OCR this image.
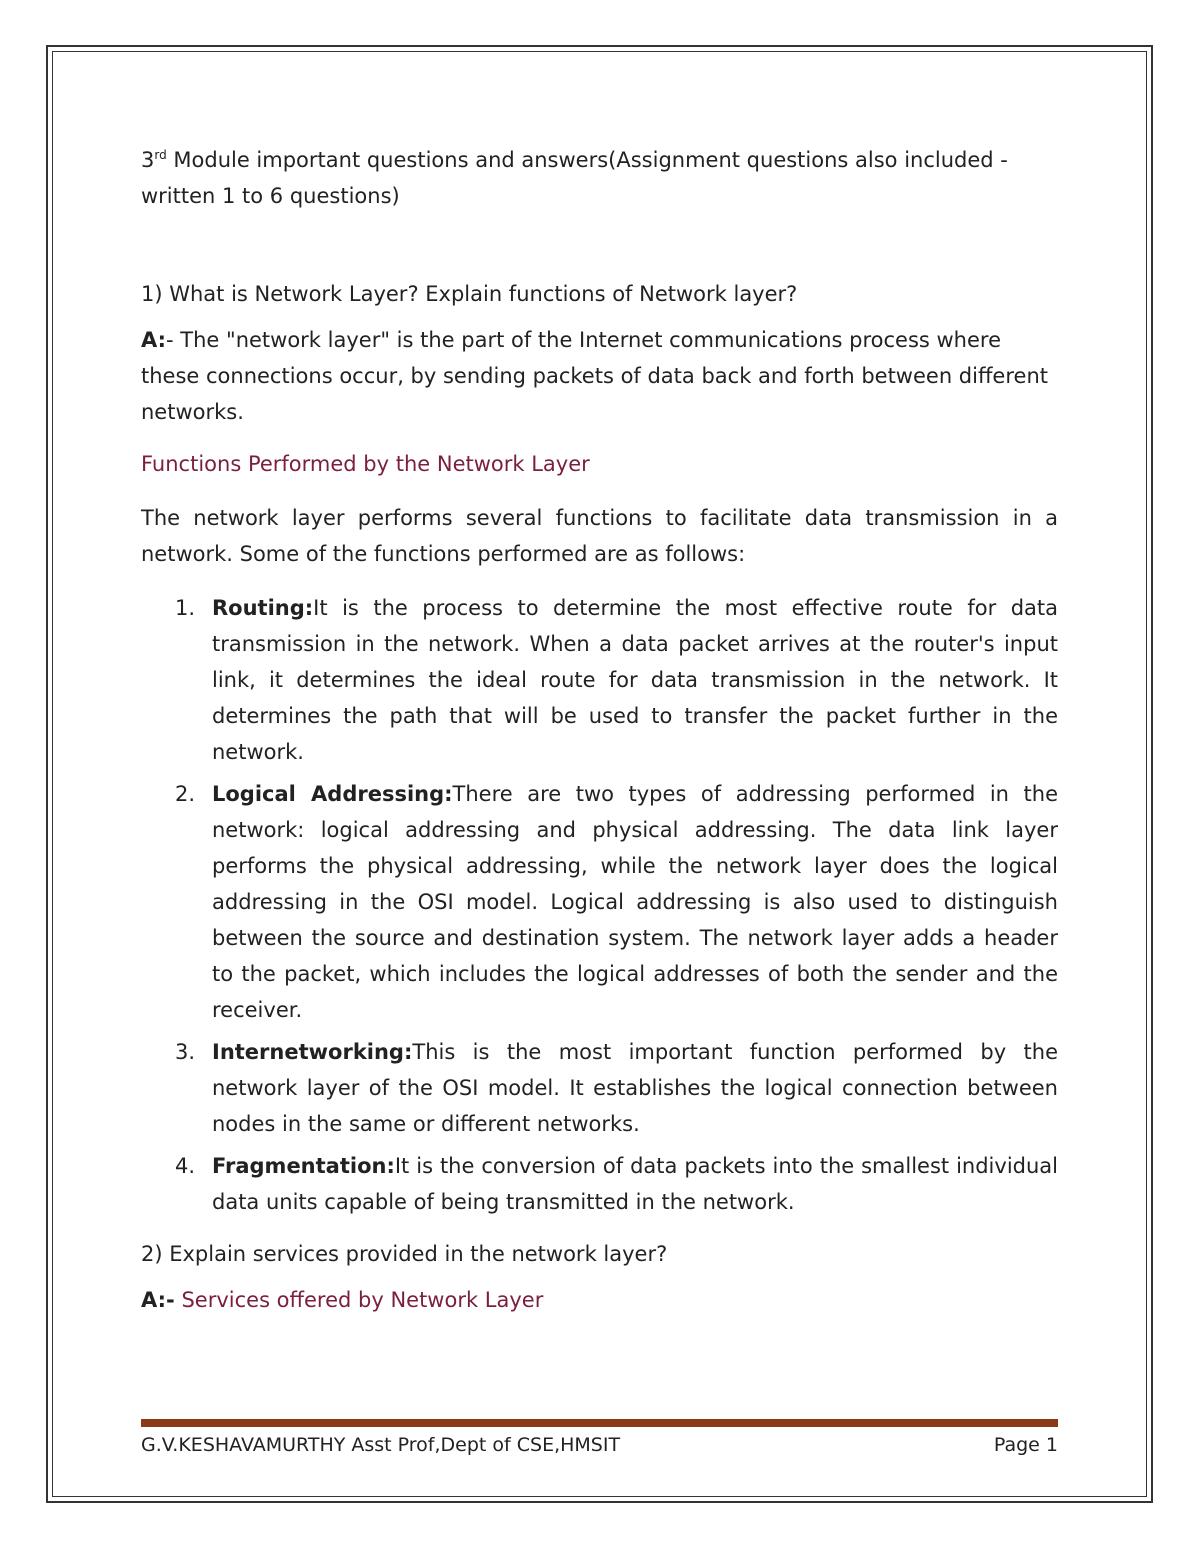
3rd Module important questions and answers(Assignment questions also included -written 1 to 6 questions)

1) What is Network Layer? Explain functions of Network layer?

A:- The "network layer" is the part of the Internet communications process where these connections occur, by sending packets of data back and forth between different networks.

Functions Performed by the Network Layer

The network layer performs several functions to facilitate data transmission in a network. Some of the functions performed are as follows:

1. Routing:It is the process to determine the most effective route for data transmission in the network. When a data packet arrives at the router's input link, it determines the ideal route for data transmission in the network. It determines the path that will be used to transfer the packet further in the network.
2. Logical Addressing:There are two types of addressing performed in the network: logical addressing and physical addressing. The data link layer performs the physical addressing, while the network layer does the logical addressing in the OSI model. Logical addressing is also used to distinguish between the source and destination system. The network layer adds a header to the packet, which includes the logical addresses of both the sender and the receiver.
3. Internetworking:This is the most important function performed by the network layer of the OSI model. It establishes the logical connection between nodes in the same or different networks.
4. Fragmentation:It is the conversion of data packets into the smallest individual data units capable of being transmitted in the network.

2) Explain services provided in the network layer?

A:- Services offered by Network Layer

G.V.KESHAVAMURTHY Asst Prof,Dept of CSE,HMSIT	Page 1
